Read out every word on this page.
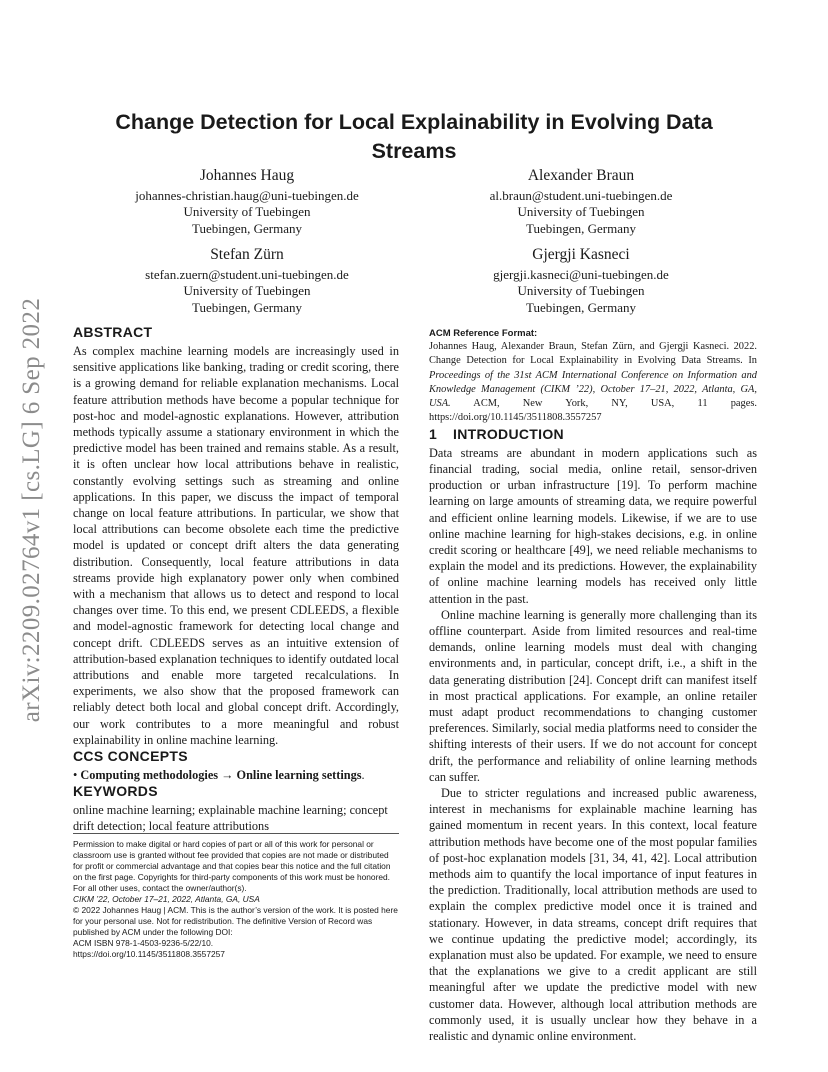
arXiv:2209.02764v1 [cs.LG] 6 Sep 2022
Change Detection for Local Explainability in Evolving Data Streams
Johannes Haug
johannes-christian.haug@uni-tuebingen.de
University of Tuebingen
Tuebingen, Germany
Alexander Braun
al.braun@student.uni-tuebingen.de
University of Tuebingen
Tuebingen, Germany
Stefan Zürn
stefan.zuern@student.uni-tuebingen.de
University of Tuebingen
Tuebingen, Germany
Gjergji Kasneci
gjergji.kasneci@uni-tuebingen.de
University of Tuebingen
Tuebingen, Germany
ABSTRACT

As complex machine learning models are increasingly used in sensitive applications like banking, trading or credit scoring, there is a growing demand for reliable explanation mechanisms. Local feature attribution methods have become a popular technique for post-hoc and model-agnostic explanations. However, attribution methods typically assume a stationary environment in which the predictive model has been trained and remains stable. As a result, it is often unclear how local attributions behave in realistic, constantly evolving settings such as streaming and online applications. In this paper, we discuss the impact of temporal change on local feature attributions. In particular, we show that local attributions can become obsolete each time the predictive model is updated or concept drift alters the data generating distribution. Consequently, local feature attributions in data streams provide high explanatory power only when combined with a mechanism that allows us to detect and respond to local changes over time. To this end, we present CDLEEDS, a flexible and model-agnostic framework for detecting local change and concept drift. CDLEEDS serves as an intuitive extension of attribution-based explanation techniques to identify outdated local attributions and enable more targeted recalculations. In experiments, we also show that the proposed framework can reliably detect both local and global concept drift. Accordingly, our work contributes to a more meaningful and robust explainability in online machine learning.

CCS CONCEPTS

• Computing methodologies → Online learning settings.

KEYWORDS

online machine learning; explainable machine learning; concept drift detection; local feature attributions

Permission to make digital or hard copies of part or all of this work for personal or classroom use is granted without fee provided that copies are not made or distributed for profit or commercial advantage and that copies bear this notice and the full citation on the first page. Copyrights for third-party components of this work must be honored. For all other uses, contact the owner/author(s).

CIKM ’22, October 17–21, 2022, Atlanta, GA, USA

© 2022 Johannes Haug | ACM. This is the author’s version of the work. It is posted here for your personal use. Not for redistribution. The definitive Version of Record was published by ACM under the following DOI:

ACM ISBN 978-1-4503-9236-5/22/10.

https://doi.org/10.1145/3511808.3557257

ACM Reference Format:

Johannes Haug, Alexander Braun, Stefan Zürn, and Gjergji Kasneci. 2022. Change Detection for Local Explainability in Evolving Data Streams. In Proceedings of the 31st ACM International Conference on Information and Knowledge Management (CIKM ’22), October 17–21, 2022, Atlanta, GA, USA. ACM, New York, NY, USA, 11 pages. https://doi.org/10.1145/3511808.3557257

1 INTRODUCTION

Data streams are abundant in modern applications such as financial trading, social media, online retail, sensor-driven production or urban infrastructure [19]. To perform machine learning on large amounts of streaming data, we require powerful and efficient online learning models. Likewise, if we are to use online machine learning for high-stakes decisions, e.g. in online credit scoring or healthcare [49], we need reliable mechanisms to explain the model and its predictions. However, the explainability of online machine learning models has received only little attention in the past.

Online machine learning is generally more challenging than its offline counterpart. Aside from limited resources and real-time demands, online learning models must deal with changing environments and, in particular, concept drift, i.e., a shift in the data generating distribution [24]. Concept drift can manifest itself in most practical applications. For example, an online retailer must adapt product recommendations to changing customer preferences. Similarly, social media platforms need to consider the shifting interests of their users. If we do not account for concept drift, the performance and reliability of online learning methods can suffer.

Due to stricter regulations and increased public awareness, interest in mechanisms for explainable machine learning has gained momentum in recent years. In this context, local feature attribution methods have become one of the most popular families of post-hoc explanation models [31, 34, 41, 42]. Local attribution methods aim to quantify the local importance of input features in the prediction. Traditionally, local attribution methods are used to explain the complex predictive model once it is trained and stationary. However, in data streams, concept drift requires that we continue updating the predictive model; accordingly, its explanation must also be updated. For example, we need to ensure that the explanations we give to a credit applicant are still meaningful after we update the predictive model with new customer data. However, although local attribution methods are commonly used, it is usually unclear how they behave in a realistic and dynamic online environment.
